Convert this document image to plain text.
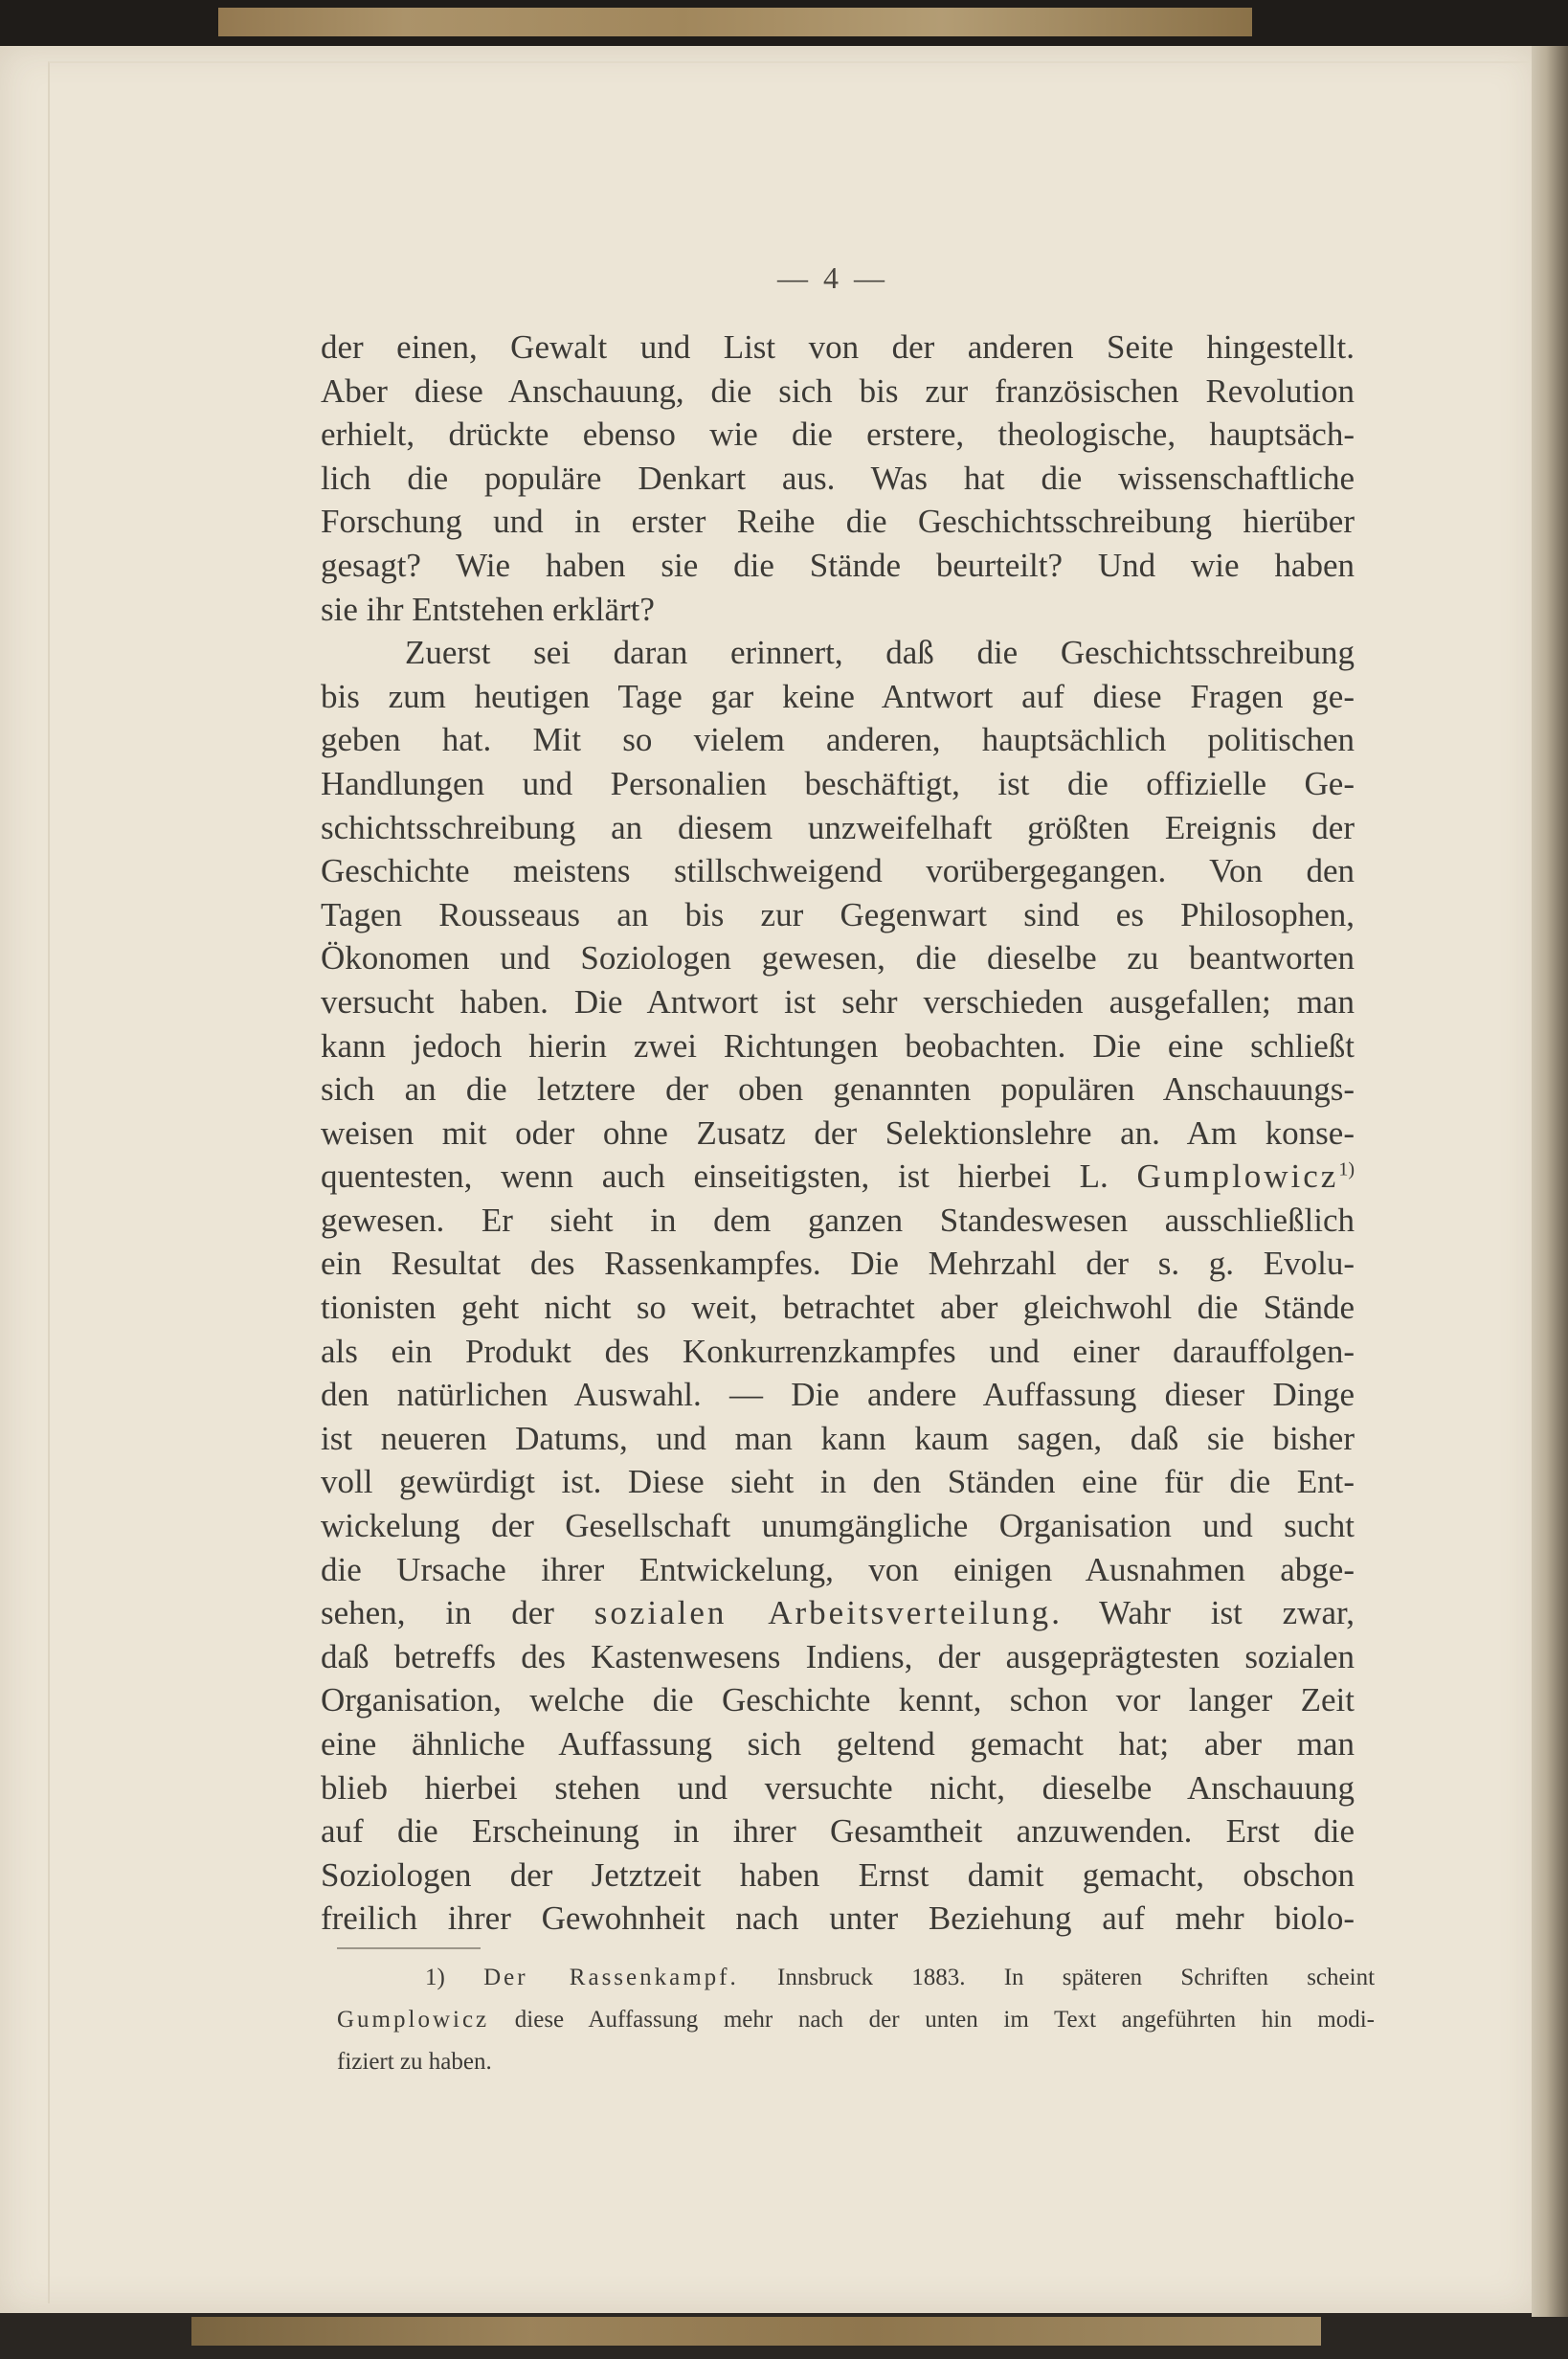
— 4 —
der einen, Gewalt und List von der anderen Seite hingestellt.
Aber diese Anschauung, die sich bis zur französischen Revolution
erhielt, drückte ebenso wie die erstere, theologische, hauptsäch-
lich die populäre Denkart aus. Was hat die wissenschaftliche
Forschung und in erster Reihe die Geschichtsschreibung hierüber
gesagt? Wie haben sie die Stände beurteilt? Und wie haben
sie ihr Entstehen erklärt?
Zuerst sei daran erinnert, daß die Geschichtsschreibung
bis zum heutigen Tage gar keine Antwort auf diese Fragen ge-
geben hat. Mit so vielem anderen, hauptsächlich politischen
Handlungen und Personalien beschäftigt, ist die offizielle Ge-
schichtsschreibung an diesem unzweifelhaft größten Ereignis der
Geschichte meistens stillschweigend vorübergegangen. Von den
Tagen Rousseaus an bis zur Gegenwart sind es Philosophen,
Ökonomen und Soziologen gewesen, die dieselbe zu beantworten
versucht haben. Die Antwort ist sehr verschieden ausgefallen; man
kann jedoch hierin zwei Richtungen beobachten. Die eine schließt
sich an die letztere der oben genannten populären Anschauungs-
weisen mit oder ohne Zusatz der Selektionslehre an. Am konse-
quentesten, wenn auch einseitigsten, ist hierbei L. Gumplowicz$^{1)}$
gewesen. Er sieht in dem ganzen Standeswesen ausschließlich
ein Resultat des Rassenkampfes. Die Mehrzahl der s. g. Evolu-
tionisten geht nicht so weit, betrachtet aber gleichwohl die Stände
als ein Produkt des Konkurrenzkampfes und einer darauffolgen-
den natürlichen Auswahl. — Die andere Auffassung dieser Dinge
ist neueren Datums, und man kann kaum sagen, daß sie bisher
voll gewürdigt ist. Diese sieht in den Ständen eine für die Ent-
wickelung der Gesellschaft unumgängliche Organisation und sucht
die Ursache ihrer Entwickelung, von einigen Ausnahmen abge-
sehen, in der sozialen Arbeitsverteilung. Wahr ist zwar,
daß betreffs des Kastenwesens Indiens, der ausgeprägtesten sozialen
Organisation, welche die Geschichte kennt, schon vor langer Zeit
eine ähnliche Auffassung sich geltend gemacht hat; aber man
blieb hierbei stehen und versuchte nicht, dieselbe Anschauung
auf die Erscheinung in ihrer Gesamtheit anzuwenden. Erst die
Soziologen der Jetztzeit haben Ernst damit gemacht, obschon
freilich ihrer Gewohnheit nach unter Beziehung auf mehr biolo-
1) Der Rassenkampf. Innsbruck 1883. In späteren Schriften scheint
Gumplowicz diese Auffassung mehr nach der unten im Text angeführten hin modi-
fiziert zu haben.
